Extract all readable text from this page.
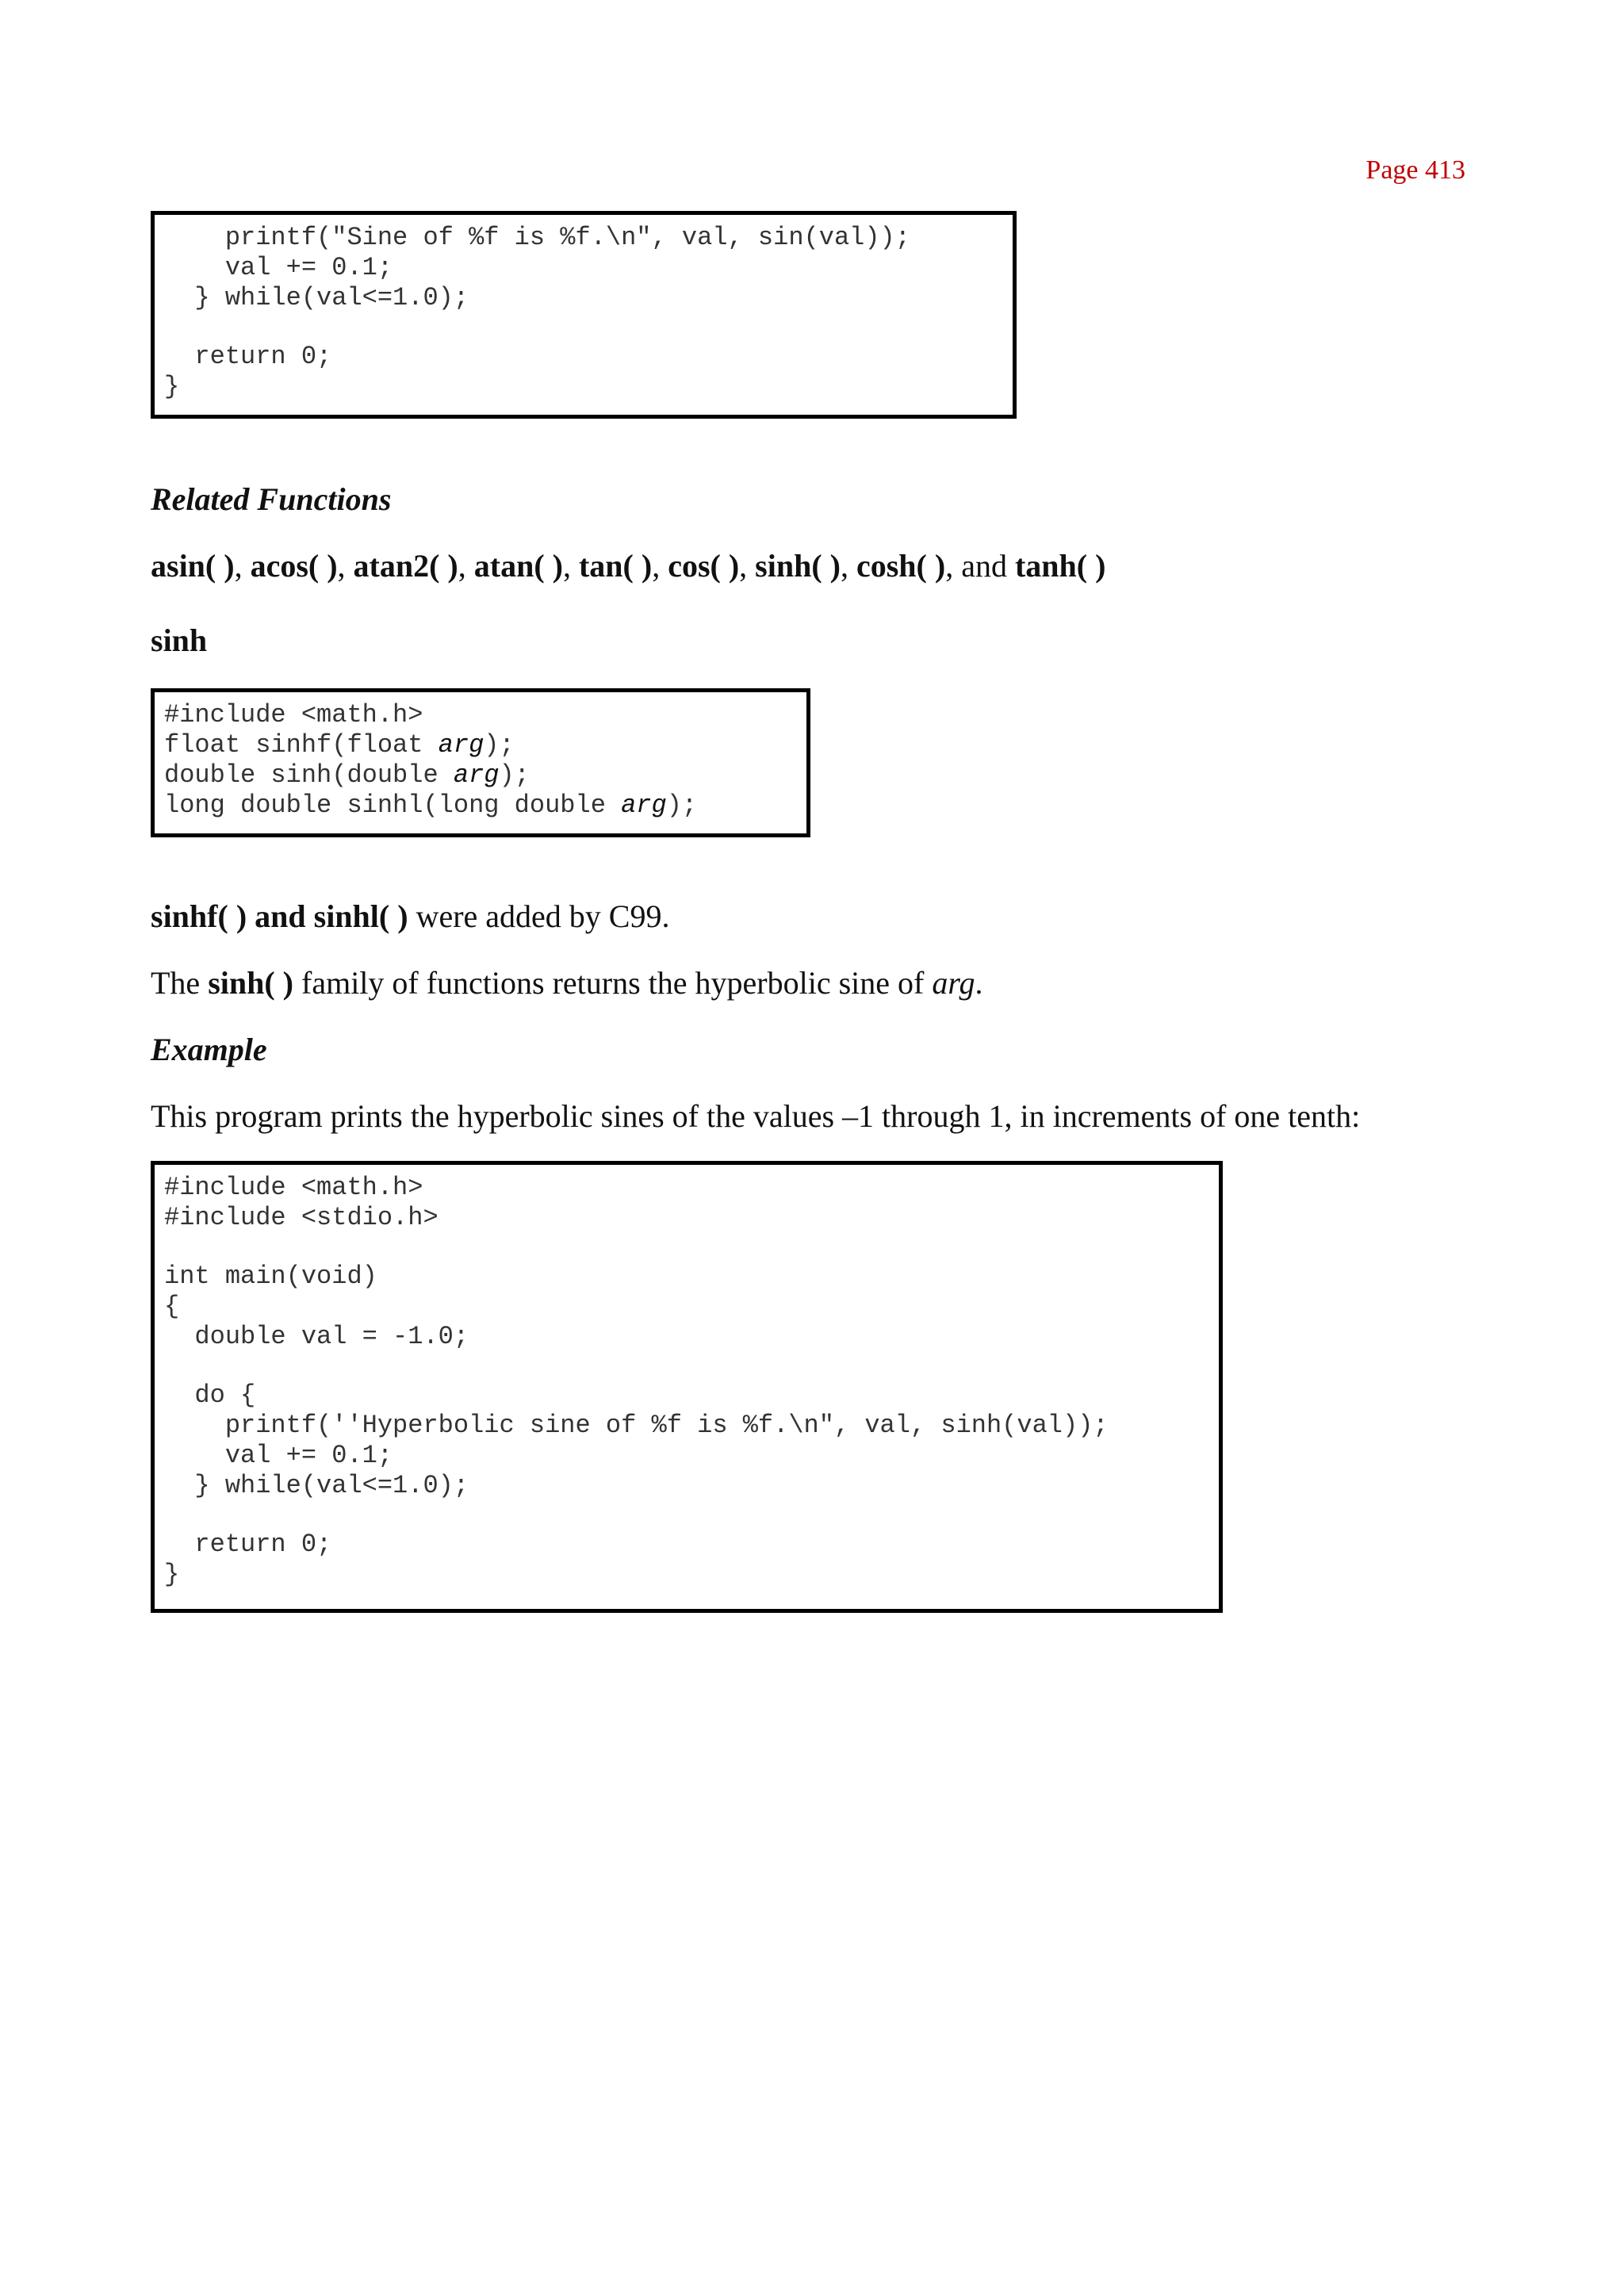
Page 413
printf("Sine of %f is %f.\n", val, sin(val));
val += 0.1;
} while(val<=1.0);
return 0;
}
Related Functions
asin( ), acos( ), atan2( ), atan( ), tan( ), cos( ), sinh( ), cosh( ), and tanh( )
sinh
#include <math.h>
float sinhf(float arg);
double sinh(double arg);
long double sinhl(long double arg);
sinhf( ) and sinhl( ) were added by C99.
The sinh( ) family of functions returns the hyperbolic sine of arg.
Example
This program prints the hyperbolic sines of the values –1 through 1, in increments of one tenth:
#include <math.h>
#include <stdio.h>
int main(void)
{
double val = -1.0;
do {
printf(''Hyperbolic sine of %f is %f.\n", val, sinh(val));
val += 0.1;
} while(val<=1.0);
return 0;
}
